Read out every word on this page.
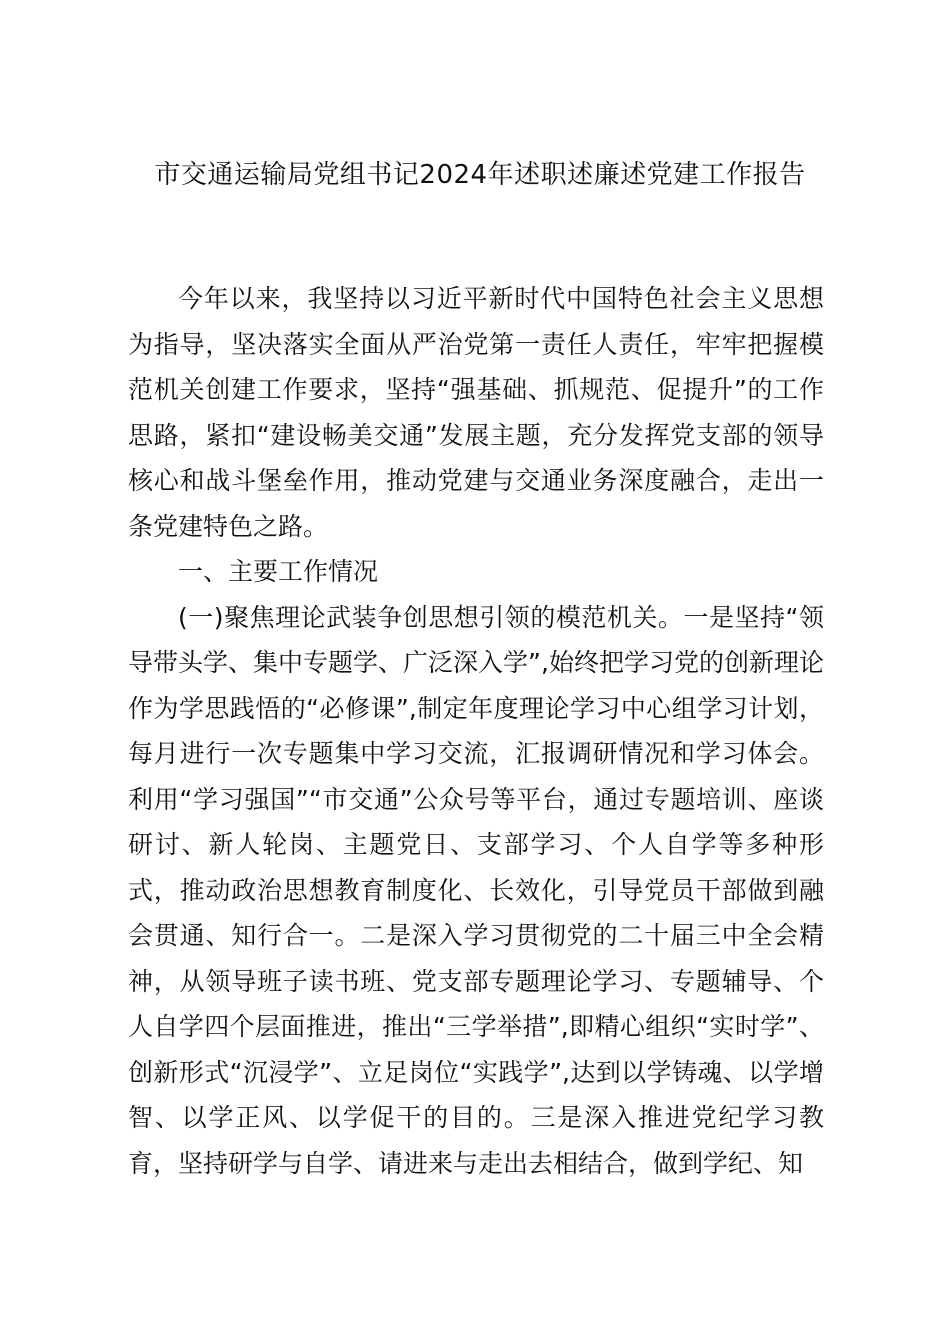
市交通运输局党组书记2024年述职述廉述党建工作报告

今年以来，我坚持以习近平新时代中国特色社会主义思想为指导，坚决落实全面从严治党第一责任人责任，牢牢把握模范机关创建工作要求，坚持“强基础、抓规范、促提升”的工作思路，紧扣“建设畅美交通”发展主题，充分发挥党支部的领导核心和战斗堡垒作用，推动党建与交通业务深度融合，走出一条党建特色之路。

一、主要工作情况

(一)聚焦理论武装争创思想引领的模范机关。一是坚持“领导带头学、集中专题学、广泛深入学”,始终把学习党的创新理论作为学思践悟的“必修课”,制定年度理论学习中心组学习计划，每月进行一次专题集中学习交流，汇报调研情况和学习体会。利用“学习强国”“市交通”公众号等平台，通过专题培训、座谈研讨、新人轮岗、主题党日、支部学习、个人自学等多种形式，推动政治思想教育制度化、长效化，引导党员干部做到融会贯通、知行合一。二是深入学习贯彻党的二十届三中全会精神，从领导班子读书班、党支部专题理论学习、专题辅导、个人自学四个层面推进，推出“三学举措”,即精心组织“实时学”、创新形式“沉浸学”、立足岗位“实践学”,达到以学铸魂、以学增智、以学正风、以学促干的目的。三是深入推进党纪学习教育，坚持研学与自学、请进来与走出去相结合，做到学纪、知
